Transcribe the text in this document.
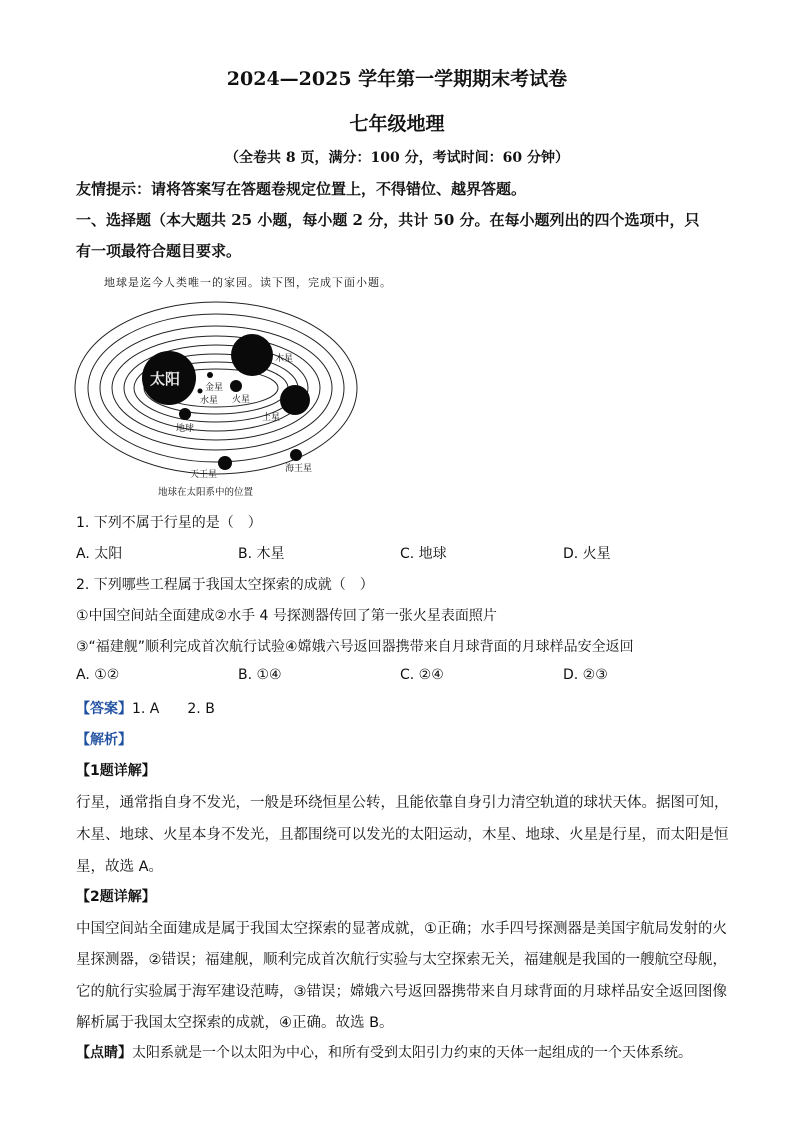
2024—2025 学年第一学期期末考试卷
七年级地理
（全卷共 8 页，满分：100 分，考试时间：60 分钟）
友情提示：请将答案写在答题卷规定位置上，不得错位、越界答题。
一、选择题（本大题共 25 小题，每小题 2 分，共计 50 分。在每小题列出的四个选项中，只
有一项最符合题目要求。
地球是迄今人类唯一的家园。读下图，完成下面小题。
太阳
木星
金星
水星 火星
地球
土星
天王星
海王星
地球在太阳系中的位置
1. 下列不属于行星的是（　）
A. 太阳	B. 木星	C. 地球	D. 火星
2. 下列哪些工程属于我国太空探索的成就（　）
①中国空间站全面建成②水手 4 号探测器传回了第一张火星表面照片
③“福建舰”顺利完成首次航行试验④嫦娥六号返回器携带来自月球背面的月球样品安全返回
A. ①②	B. ①④	C. ②④	D. ②③
【答案】1. A　　2. B
【解析】
【1题详解】
行星，通常指自身不发光，一般是环绕恒星公转，且能依靠自身引力清空轨道的球状天体。据图可知，
木星、地球、火星本身不发光，且都围绕可以发光的太阳运动，木星、地球、火星是行星，而太阳是恒
星，故选 A。
【2题详解】
中国空间站全面建成是属于我国太空探索的显著成就，①正确；水手四号探测器是美国宇航局发射的火
星探测器，②错误；福建舰，顺利完成首次航行实验与太空探索无关，福建舰是我国的一艘航空母舰，
它的航行实验属于海军建设范畴，③错误；嫦娥六号返回器携带来自月球背面的月球样品安全返回图像
解析属于我国太空探索的成就，④正确。故选 B。
【点睛】太阳系就是一个以太阳为中心，和所有受到太阳引力约束的天体一起组成的一个天体系统。
